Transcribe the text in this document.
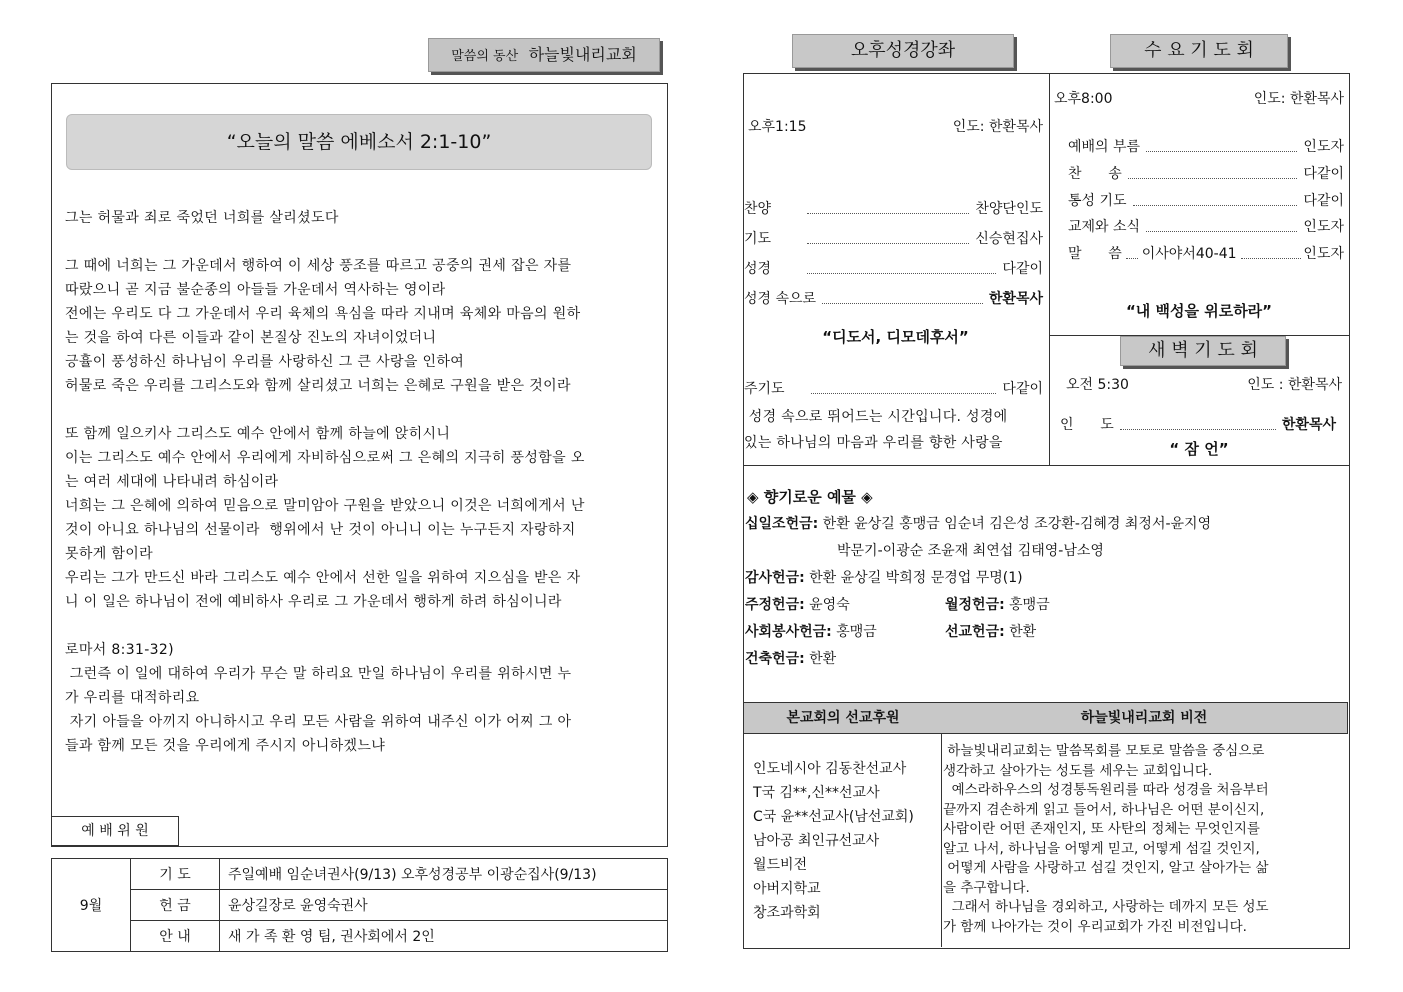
말씀의 동산 하늘빛내리교회
“오늘의 말씀 에베소서 2:1-10”
그는 허물과 죄로 죽었던 너희를 살리셨도다
그 때에 너희는 그 가운데서 행하여 이 세상 풍조를 따르고 공중의 권세 잡은 자를
따랐으니 곧 지금 불순종의 아들들 가운데서 역사하는 영이라
전에는 우리도 다 그 가운데서 우리 육체의 욕심을 따라 지내며 육체와 마음의 원하
는 것을 하여 다른 이들과 같이 본질상 진노의 자녀이었더니
긍휼이 풍성하신 하나님이 우리를 사랑하신 그 큰 사랑을 인하여
허물로 죽은 우리를 그리스도와 함께 살리셨고 너희는 은혜로 구원을 받은 것이라
또 함께 일으키사 그리스도 예수 안에서 함께 하늘에 앉히시니
이는 그리스도 예수 안에서 우리에게 자비하심으로써 그 은혜의 지극히 풍성함을 오
는 여러 세대에 나타내려 하심이라
너희는 그 은혜에 의하여 믿음으로 말미암아 구원을 받았으니 이것은 너희에게서 난
것이 아니요 하나님의 선물이라  행위에서 난 것이 아니니 이는 누구든지 자랑하지
못하게 함이라
우리는 그가 만드신 바라 그리스도 예수 안에서 선한 일을 위하여 지으심을 받은 자
니 이 일은 하나님이 전에 예비하사 우리로 그 가운데서 행하게 하려 하심이니라
로마서 8:31-32)
그런즉 이 일에 대하여 우리가 무슨 말 하리요 만일 하나님이 우리를 위하시면 누
가 우리를 대적하리요
자기 아들을 아끼지 아니하시고 우리 모든 사람을 위하여 내주신 이가 어찌 그 아
들과 함께 모든 것을 우리에게 주시지 아니하겠느냐
예 배 위 원
9월	기 도	주일예배 임순녀권사(9/13) 오후성경공부 이광순집사(9/13)
	헌 금	윤상길장로 윤영숙권사
	안 내	새 가 족 환 영 팀, 권사회에서 2인
오후성경강좌	수 요 기 도 회
오후1:15	인도: 한환목사
찬양	찬양단인도
기도	신승현집사
성경	다같이
성경 속으로	한환목사
“디도서, 디모데후서”
주기도	다같이
성경 속으로 뛰어드는 시간입니다. 성경에
있는 하나님의 마음과 우리를 향한 사랑을
오후8:00	인도: 한환목사
예배의 부름	인도자
찬      송	다같이
통성 기도	다같이
교제와 소식	인도자
말      씀 이사야서40-41	인도자
“내 백성을 위로하라”
새 벽 기 도 회
오전 5:30	인도 : 한환목사
인      도	한환목사
“ 잠 언”
◈ 향기로운 예물 ◈
십일조헌금: 한환 윤상길 홍맹금 임순녀 김은성 조강환-김혜경 최정서-윤지영
박문기-이광순 조윤재 최연섭 김태영-남소영
감사헌금: 한환 윤상길 박희정 문경업 무명(1)
주정헌금: 윤영숙	월정헌금: 홍맹금
사회봉사헌금: 홍맹금	선교헌금: 한환
건축헌금: 한환
본교회의 선교후원	하늘빛내리교회 비전
인도네시아 김동찬선교사
T국 김**,신**선교사
C국 윤**선교사(남선교회)
남아공 최인규선교사
월드비전
아버지학교
창조과학회
하늘빛내리교회는 말씀목회를 모토로 말씀을 중심으로
생각하고 살아가는 성도를 세우는 교회입니다.
예스라하우스의 성경통독원리를 따라 성경을 처음부터
끝까지 겸손하게 읽고 들어서, 하나님은 어떤 분이신지,
사람이란 어떤 존재인지, 또 사탄의 정체는 무엇인지를
알고 나서, 하나님을 어떻게 믿고, 어떻게 섬길 것인지,
어떻게 사람을 사랑하고 섬길 것인지, 알고 살아가는 삶
을 추구합니다.
그래서 하나님을 경외하고, 사랑하는 데까지 모든 성도
가 함께 나아가는 것이 우리교회가 가진 비전입니다.
